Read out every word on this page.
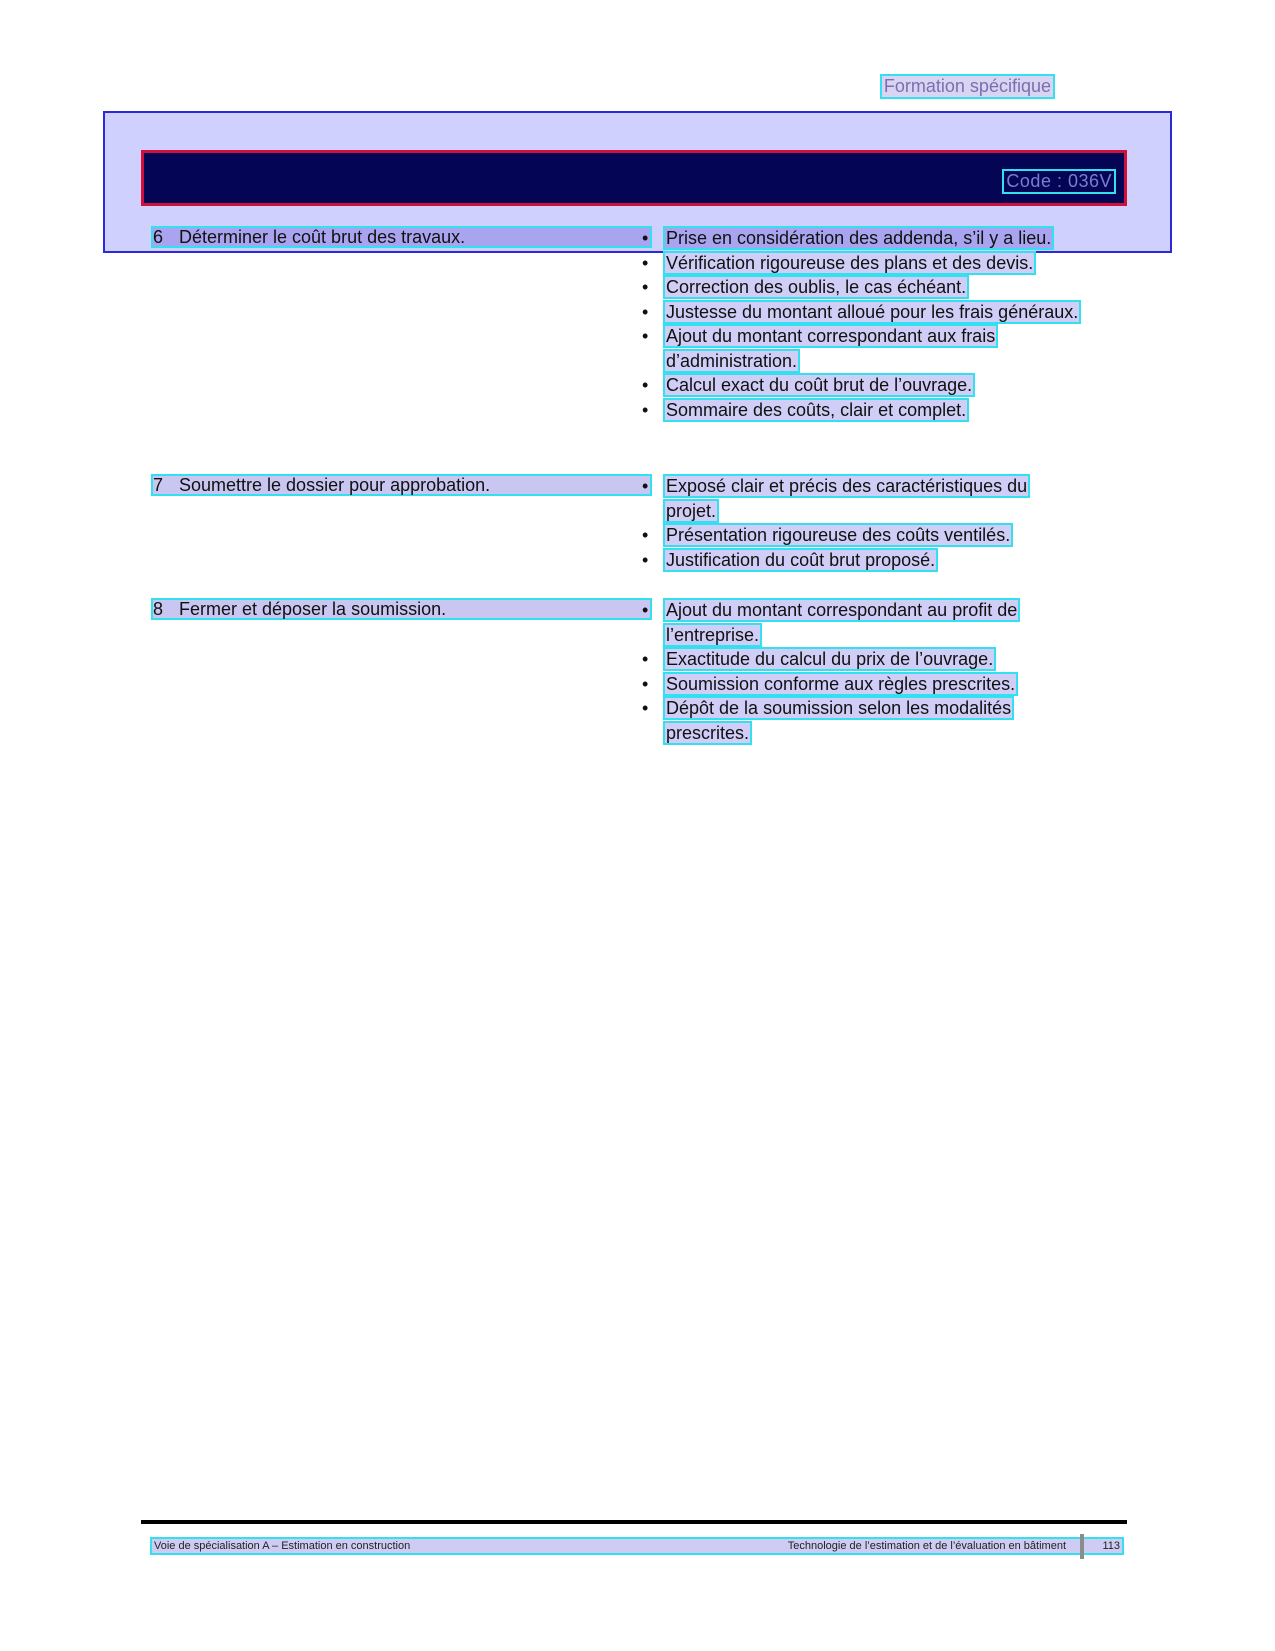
Formation spécifique
Code : 036V
6 Déterminer le coût brut des travaux.	• Prise en considération des addenda, s’il y a lieu.
• Vérification rigoureuse des plans et des devis.
• Correction des oublis, le cas échéant.
• Justesse du montant alloué pour les frais généraux.
• Ajout du montant correspondant aux frais d’administration.
• Calcul exact du coût brut de l’ouvrage.
• Sommaire des coûts, clair et complet.
7 Soumettre le dossier pour approbation.	• Exposé clair et précis des caractéristiques du projet.
• Présentation rigoureuse des coûts ventilés.
• Justification du coût brut proposé.
8 Fermer et déposer la soumission.	• Ajout du montant correspondant au profit de l’entreprise.
• Exactitude du calcul du prix de l’ouvrage.
• Soumission conforme aux règles prescrites.
• Dépôt de la soumission selon les modalités prescrites.
Voie de spécialisation A – Estimation en construction	Technologie de l’estimation et de l’évaluation en bâtiment	113
